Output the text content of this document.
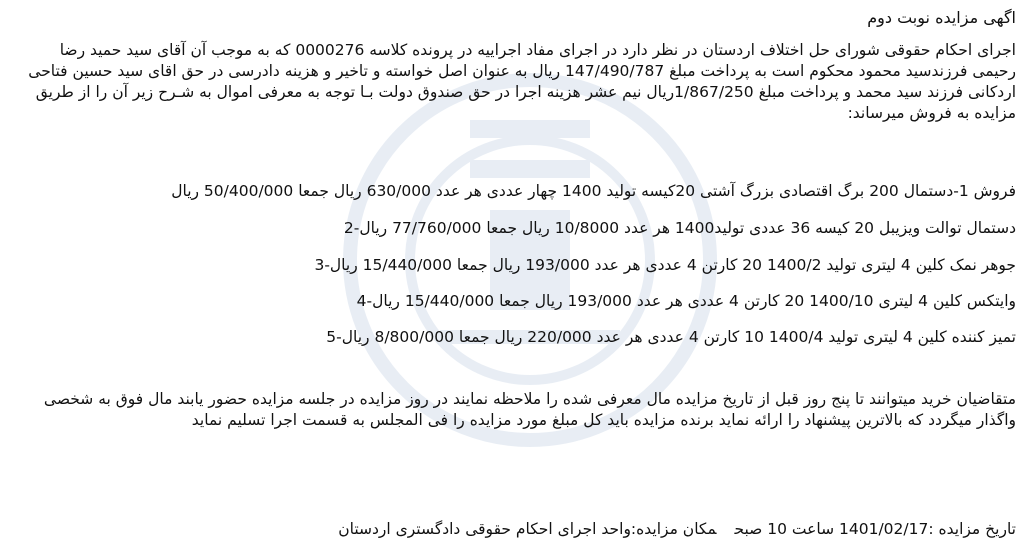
اگهی مزایده نوبت دوم
اجرای احکام حقوقی شورای حل اختلاف اردستان در نظر دارد در اجرای مفاد اجراییه در پرونده کلاسه 0000276 که به موجب آن آقای سید حمید رضا
رحیمی فرزندسید محمود محکوم است به پرداخت مبلغ 147/490/787 ریال به عنوان اصل خواسته و تاخیر و هزینه دادرسی در حق اقای سید حسین فتاحی
اردکانی فرزند سید محمد و پرداخت مبلغ 1/867/250ریال نیم عشر هزینه اجرا در حق صندوق دولت بـا توجه به معرفی اموال به شـرح زیر آن را از طریق
مزایده به فروش میرساند:
فروش 1-دستمال 200 برگ اقتصادی بزرگ آشتی 20کیسه تولید 1400 چهار عددی هر عدد 630/000 ریال جمعا 50/400/000 ریال
دستمال توالت ویزیبل 20 کیسه 36 عددی تولید1400 هر عدد 10/8000 ریال جمعا 77/760/000 ریال-2
جوهر نمک کلین 4 لیتری تولید 1400/2 20 کارتن 4 عددی هر عدد 193/000 ریال جمعا 15/440/000 ریال-3
وایتکس کلین 4 لیتری 1400/10 20 کارتن 4 عددی هر عدد 193/000 ریال جمعا 15/440/000 ریال-4
تمیز کننده کلین 4 لیتری تولید 1400/4 10 کارتن 4 عددی هر عدد 220/000 ریال جمعا 8/800/000 ریال-5
متقاضیان خرید میتوانند تا پنج روز قبل از تاریخ مزایده مال معرفی شده را ملاحظه نمایند در روز مزایده در جلسه مزایده حضور یابند مال فوق به شخصی
واگذار میگردد که بالاترین پیشنهاد را ارائه نماید برنده مزایده باید کل مبلغ مورد مزایده را فی المجلس به قسمت اجرا تسلیم نماید
تاریخ مزایده :1401/02/17 ساعت 10 صبحمکان مزایده:واحد اجرای احکام حقوقی دادگستری اردستان
